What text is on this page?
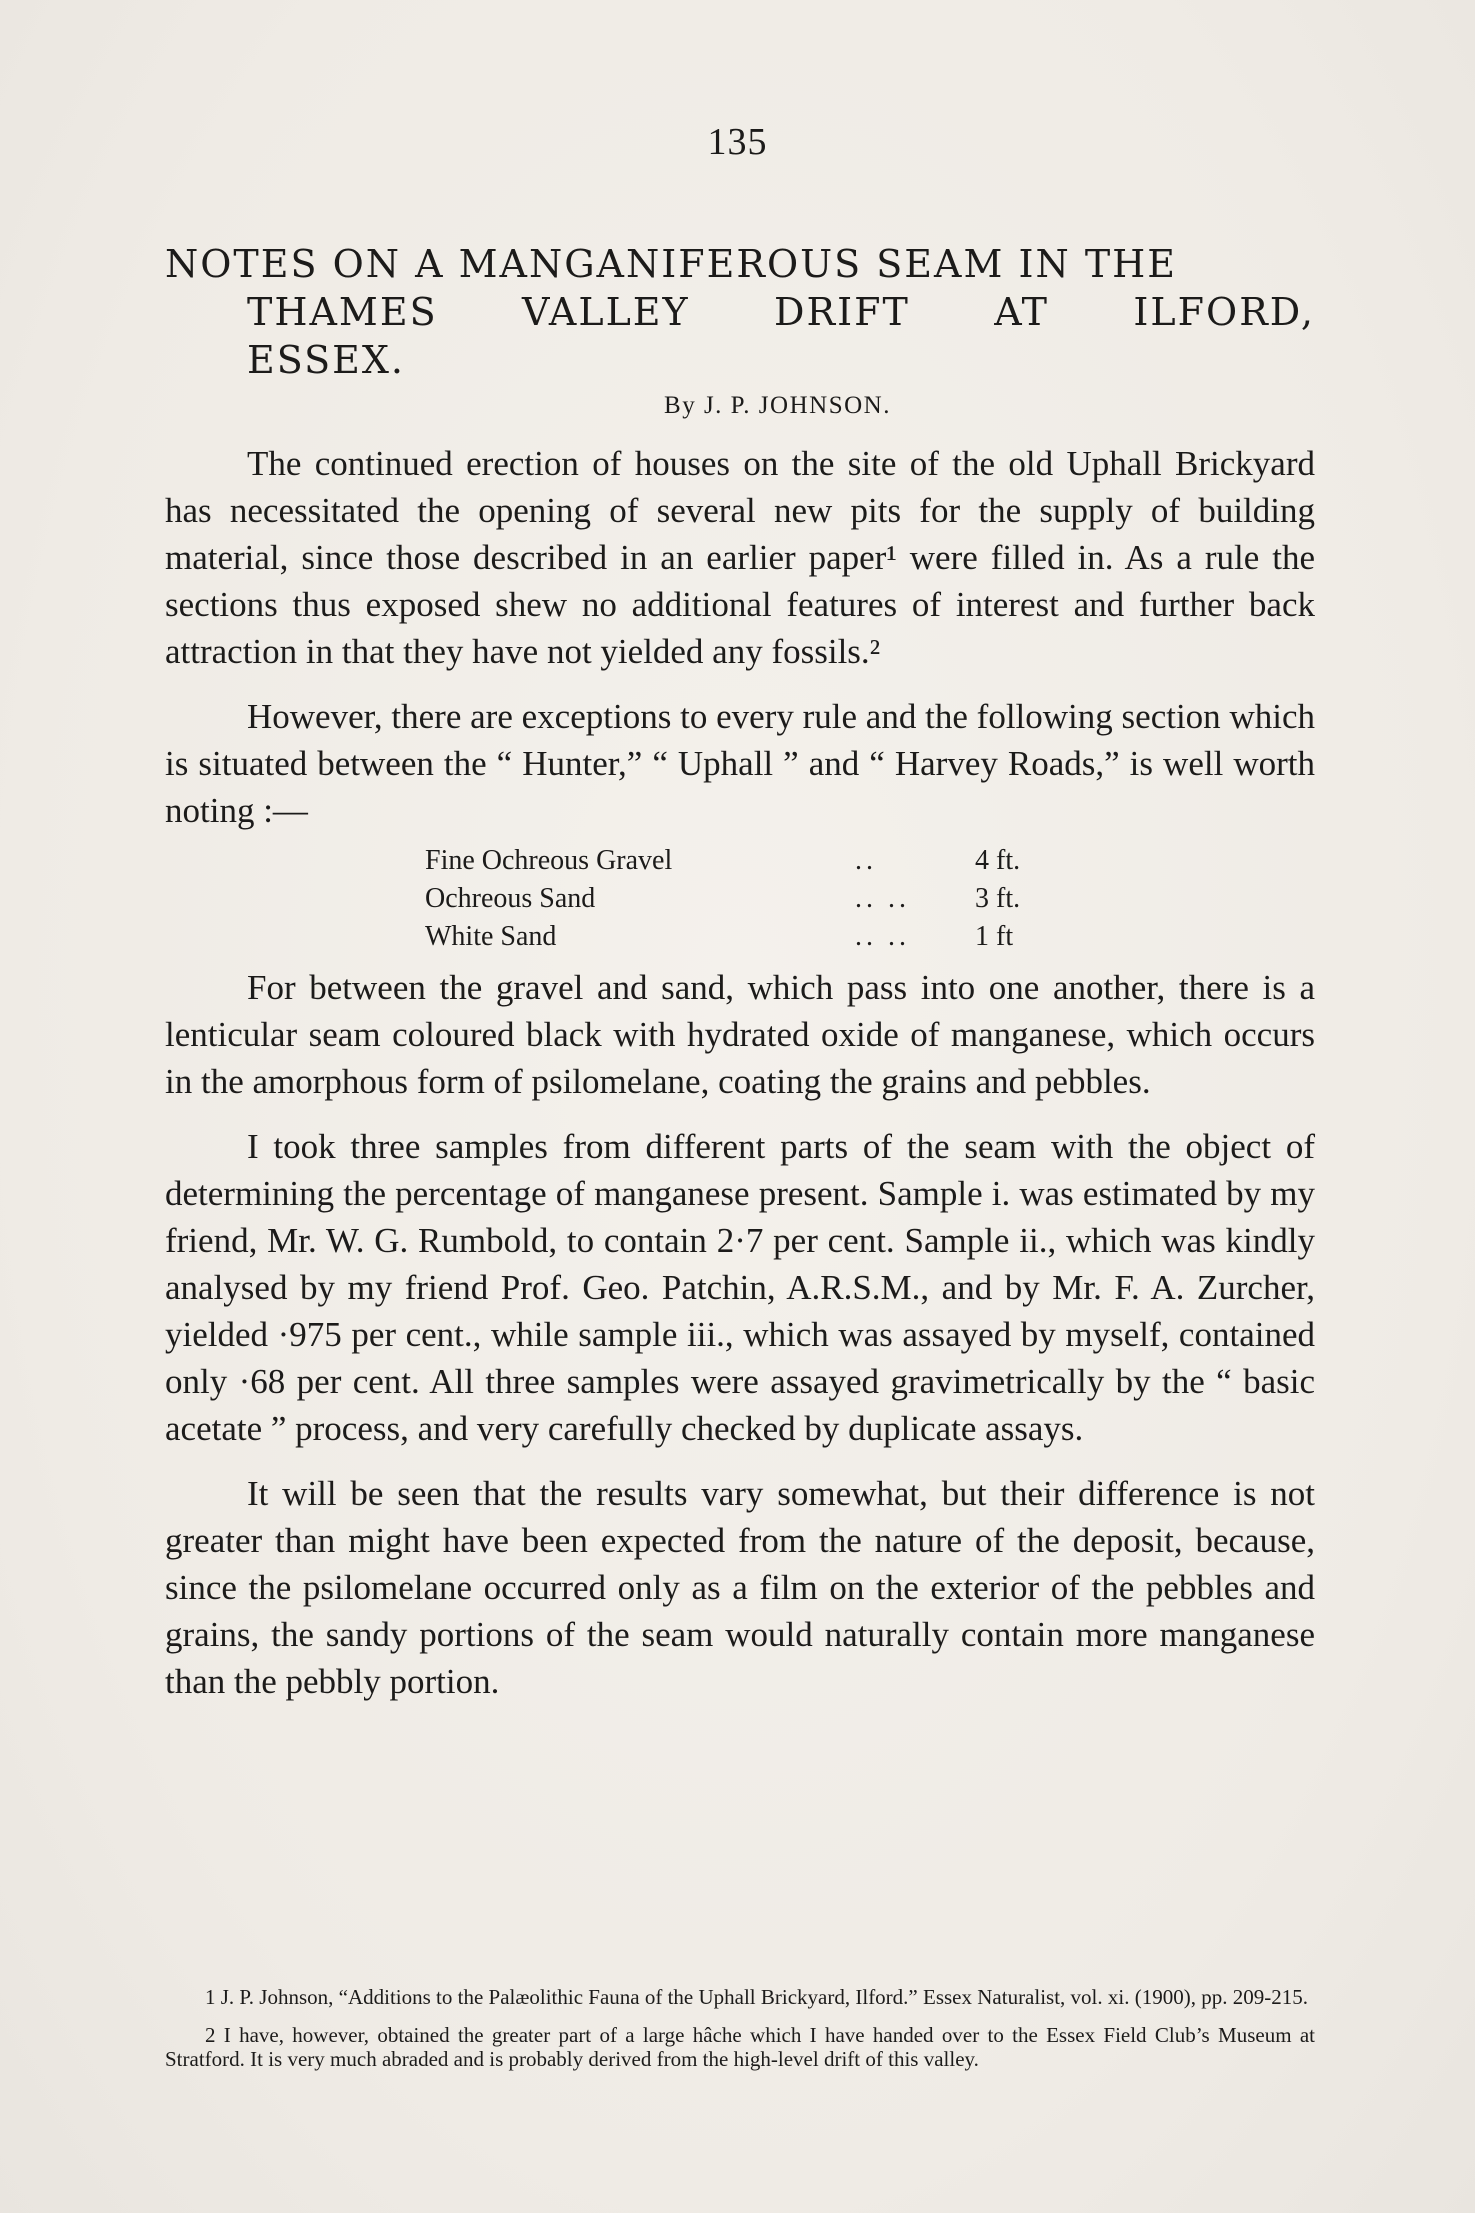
135
NOTES ON A MANGANIFEROUS SEAM IN THE
THAMES VALLEY DRIFT AT ILFORD,
ESSEX.
By J. P. JOHNSON.

The continued erection of houses on the site of the old Uphall Brickyard has necessitated the opening of several new pits for the supply of building material, since those described in an earlier paper¹ were filled in. As a rule the sections thus exposed shew no additional features of interest and further back attraction in that they have not yielded any fossils.²

However, there are exceptions to every rule and the following section which is situated between the “ Hunter,” “ Uphall ” and “ Harvey Roads,” is well worth noting :—

Fine Ochreous Gravel	..	4 ft.
Ochreous Sand	.. ..	3 ft.
White Sand	.. ..	1 ft

For between the gravel and sand, which pass into one another, there is a lenticular seam coloured black with hydrated oxide of manganese, which occurs in the amorphous form of psilomelane, coating the grains and pebbles.

I took three samples from different parts of the seam with the object of determining the percentage of manganese present. Sample i. was estimated by my friend, Mr. W. G. Rumbold, to contain 2·7 per cent. Sample ii., which was kindly analysed by my friend Prof. Geo. Patchin, A.R.S.M., and by Mr. F. A. Zurcher, yielded ·975 per cent., while sample iii., which was assayed by myself, contained only ·68 per cent. All three samples were assayed gravimetrically by the “ basic acetate ” process, and very carefully checked by duplicate assays.

It will be seen that the results vary somewhat, but their difference is not greater than might have been expected from the nature of the deposit, because, since the psilomelane occurred only as a film on the exterior of the pebbles and grains, the sandy portions of the seam would naturally contain more manganese than the pebbly portion.

1 J. P. Johnson, “Additions to the Palæolithic Fauna of the Uphall Brickyard, Ilford.” Essex Naturalist, vol. xi. (1900), pp. 209-215.

2 I have, however, obtained the greater part of a large hâche which I have handed over to the Essex Field Club’s Museum at Stratford. It is very much abraded and is probably derived from the high-level drift of this valley.
